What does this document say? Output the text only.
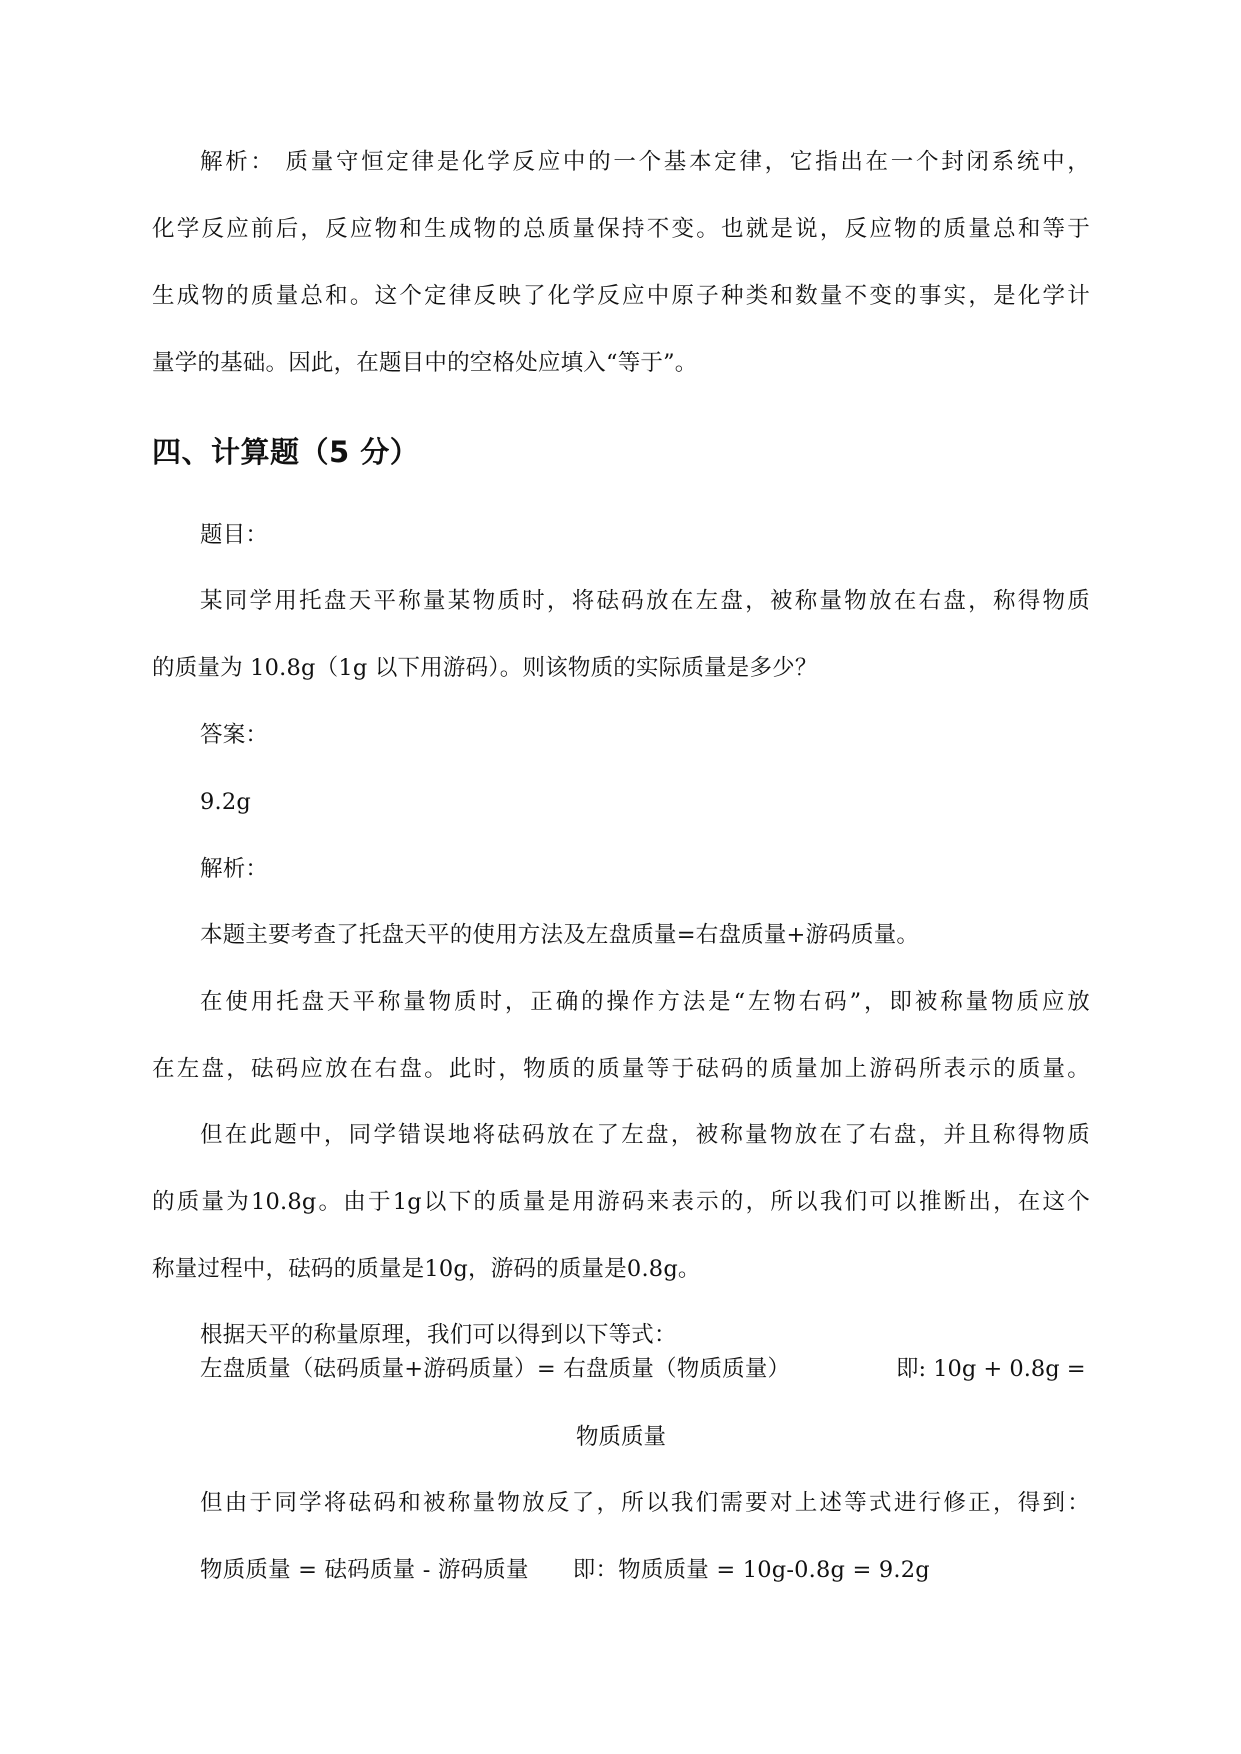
解析： 质量守恒定律是化学反应中的一个基本定律，它指出在一个封闭系统中，
化学反应前后，反应物和生成物的总质量保持不变。也就是说，反应物的质量总和等于
生成物的质量总和。这个定律反映了化学反应中原子种类和数量不变的事实，是化学计
量学的基础。因此，在题目中的空格处应填入“等于”。
四、计算题（5 分）
题目：
某同学用托盘天平称量某物质时，将砝码放在左盘，被称量物放在右盘，称得物质
的质量为 10.8g（1g 以下用游码）。则该物质的实际质量是多少？
答案：
9.2g
解析：
本题主要考查了托盘天平的使用方法及左盘质量=右盘质量+游码质量。
在使用托盘天平称量物质时，正确的操作方法是“左物右码”，即被称量物质应放
在左盘，砝码应放在右盘。此时，物质的质量等于砝码的质量加上游码所表示的质量。
但在此题中，同学错误地将砝码放在了左盘，被称量物放在了右盘，并且称得物质
的质量为10.8g。由于1g以下的质量是用游码来表示的，所以我们可以推断出，在这个
称量过程中，砝码的质量是10g，游码的质量是0.8g。
根据天平的称量原理，我们可以得到以下等式：
左盘质量（砝码质量+游码质量）= 右盘质量（物质质量）	即: 10g + 0.8g =
物质质量
但由于同学将砝码和被称量物放反了，所以我们需要对上述等式进行修正，得到：
物质质量 = 砝码质量 - 游码质量      即：物质质量 = 10g-0.8g = 9.2g
